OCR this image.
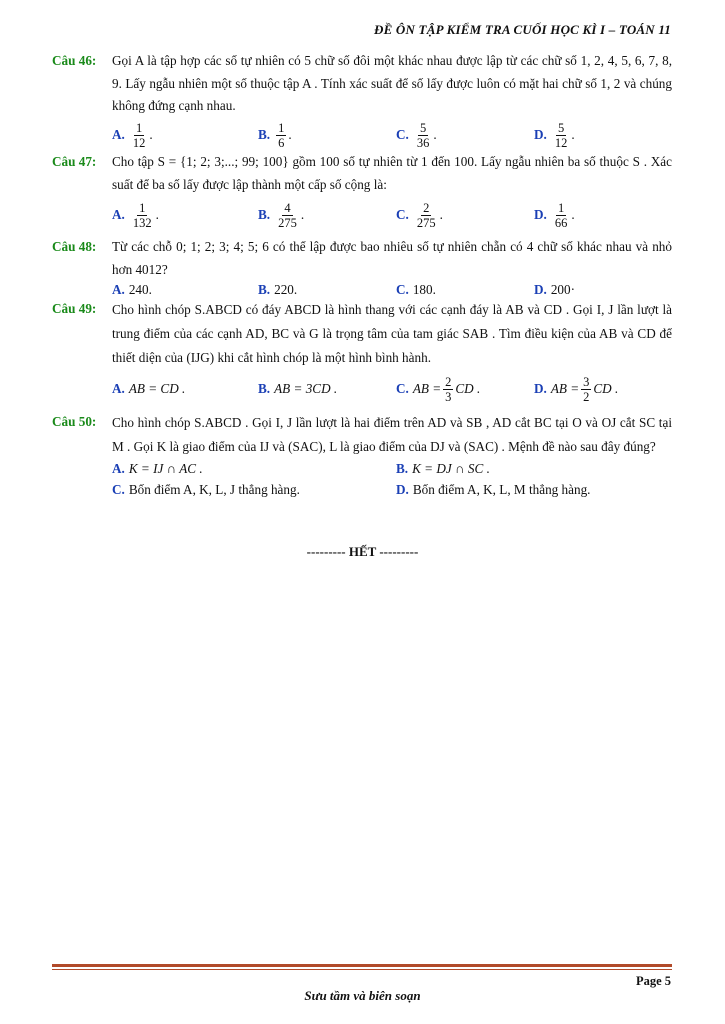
ĐỀ ÔN TẬP KIỂM TRA CUỐI HỌC KÌ I – TOÁN 11
Câu 46: Gọi A là tập hợp các số tự nhiên có 5 chữ số đôi một khác nhau được lập từ các chữ số 1, 2, 4, 5, 6, 7, 8, 9. Lấy ngẫu nhiên một số thuộc tập A . Tính xác suất để số lấy được luôn có mặt hai chữ số 1, 2 và chúng không đứng cạnh nhau.
A. $\frac{1}{12}$ .	B. $\frac{1}{6}$ .	C. $\frac{5}{36}$ .	D. $\frac{5}{12}$ .
Câu 47: Cho tập S = {1; 2; 3;...; 99; 100} gồm 100 số tự nhiên từ 1 đến 100. Lấy ngẫu nhiên ba số thuộc S . Xác suất để ba số lấy được lập thành một cấp số cộng là:
A. $\frac{1}{132}$ .	B. $\frac{4}{275}$ .	C. $\frac{2}{275}$ .	D. $\frac{1}{66}$ .
Câu 48: Từ các chỗ 0; 1; 2; 3; 4; 5; 6 có thể lập được bao nhiêu số tự nhiên chẵn có 4 chữ số khác nhau và nhỏ hơn 4012?
A. 240.	B. 220.	C. 180.	D. 200·
Câu 49: Cho hình chóp S.ABCD có đáy ABCD là hình thang với các cạnh đáy là AB và CD . Gọi I, J lần lượt là trung điểm của các cạnh AD, BC và G là trọng tâm của tam giác SAB . Tìm điều kiện của AB và CD để thiết diện của (IJG) khi cắt hình chóp là một hình bình hành.
A. AB = CD .	B. AB = 3CD .	C. AB = $\frac{2}{3}$ CD .	D. AB = $\frac{3}{2}$ CD .
Câu 50: Cho hình chóp S.ABCD . Gọi I, J lần lượt là hai điểm trên AD và SB , AD cắt BC tại O và OJ cắt SC tại M . Gọi K là giao điểm của IJ và (SAC), L là giao điểm của DJ và (SAC) . Mệnh đề nào sau đây đúng?
A. K = IJ ∩ AC .	B. K = DJ ∩ SC .
C. Bốn điểm A, K, L, J thẳng hàng.	D. Bốn điểm A, K, L, M thẳng hàng.
--------- HẾT ---------
Page 5
Sưu tầm và biên soạn
